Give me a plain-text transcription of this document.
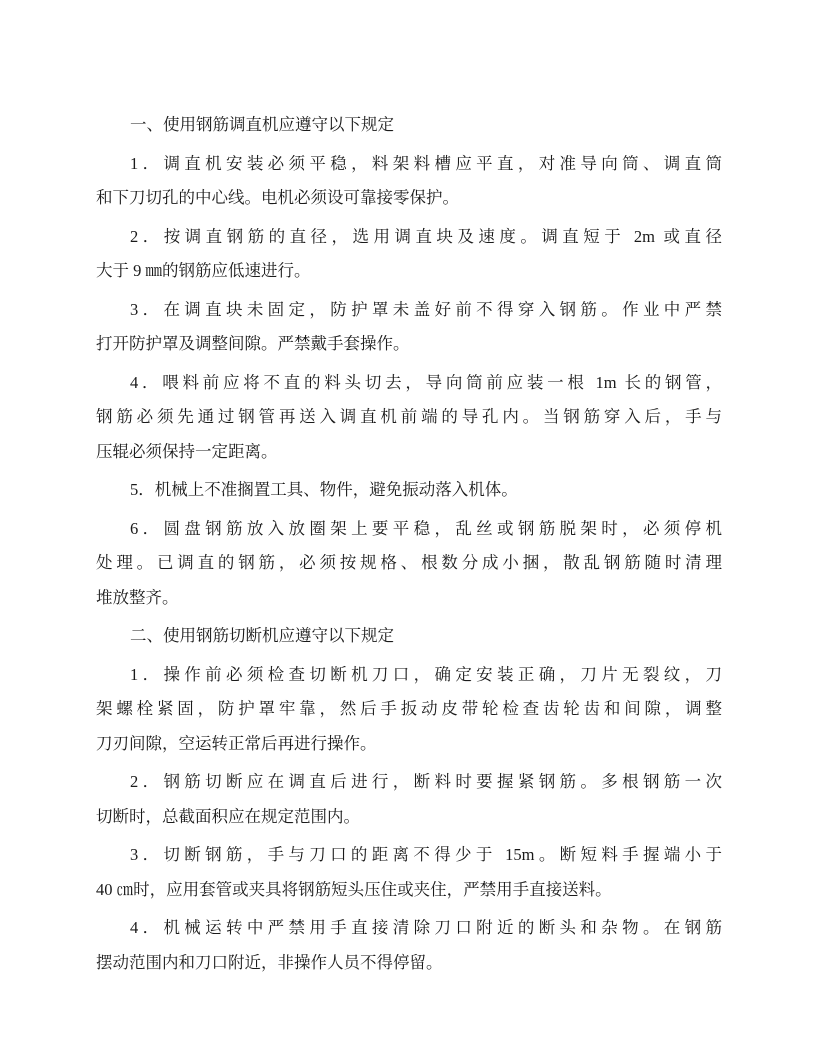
一、使用钢筋调直机应遵守以下规定
1．调直机安装必须平稳，料架料槽应平直，对准导向筒、调直筒
和下刀切孔的中心线。电机必须设可靠接零保护。
2．按调直钢筋的直径，选用调直块及速度。调直短于 2m 或直径
大于 9 ㎜的钢筋应低速进行。
3．在调直块未固定，防护罩未盖好前不得穿入钢筋。作业中严禁
打开防护罩及调整间隙。严禁戴手套操作。
4．喂料前应将不直的料头切去，导向筒前应装一根 1m 长的钢管，
钢筋必须先通过钢管再送入调直机前端的导孔内。当钢筋穿入后，手与
压辊必须保持一定距离。
5．机械上不准搁置工具、物件，避免振动落入机体。
6．圆盘钢筋放入放圈架上要平稳，乱丝或钢筋脱架时，必须停机
处理。已调直的钢筋，必须按规格、根数分成小捆，散乱钢筋随时清理
堆放整齐。
二、使用钢筋切断机应遵守以下规定
1．操作前必须检查切断机刀口，确定安装正确，刀片无裂纹，刀
架螺栓紧固，防护罩牢靠，然后手扳动皮带轮检查齿轮齿和间隙，调整
刀刃间隙，空运转正常后再进行操作。
2．钢筋切断应在调直后进行，断料时要握紧钢筋。多根钢筋一次
切断时，总截面积应在规定范围内。
3．切断钢筋，手与刀口的距离不得少于 15m。断短料手握端小于
40 ㎝时，应用套管或夹具将钢筋短头压住或夹住，严禁用手直接送料。
4．机械运转中严禁用手直接清除刀口附近的断头和杂物。在钢筋
摆动范围内和刀口附近，非操作人员不得停留。
